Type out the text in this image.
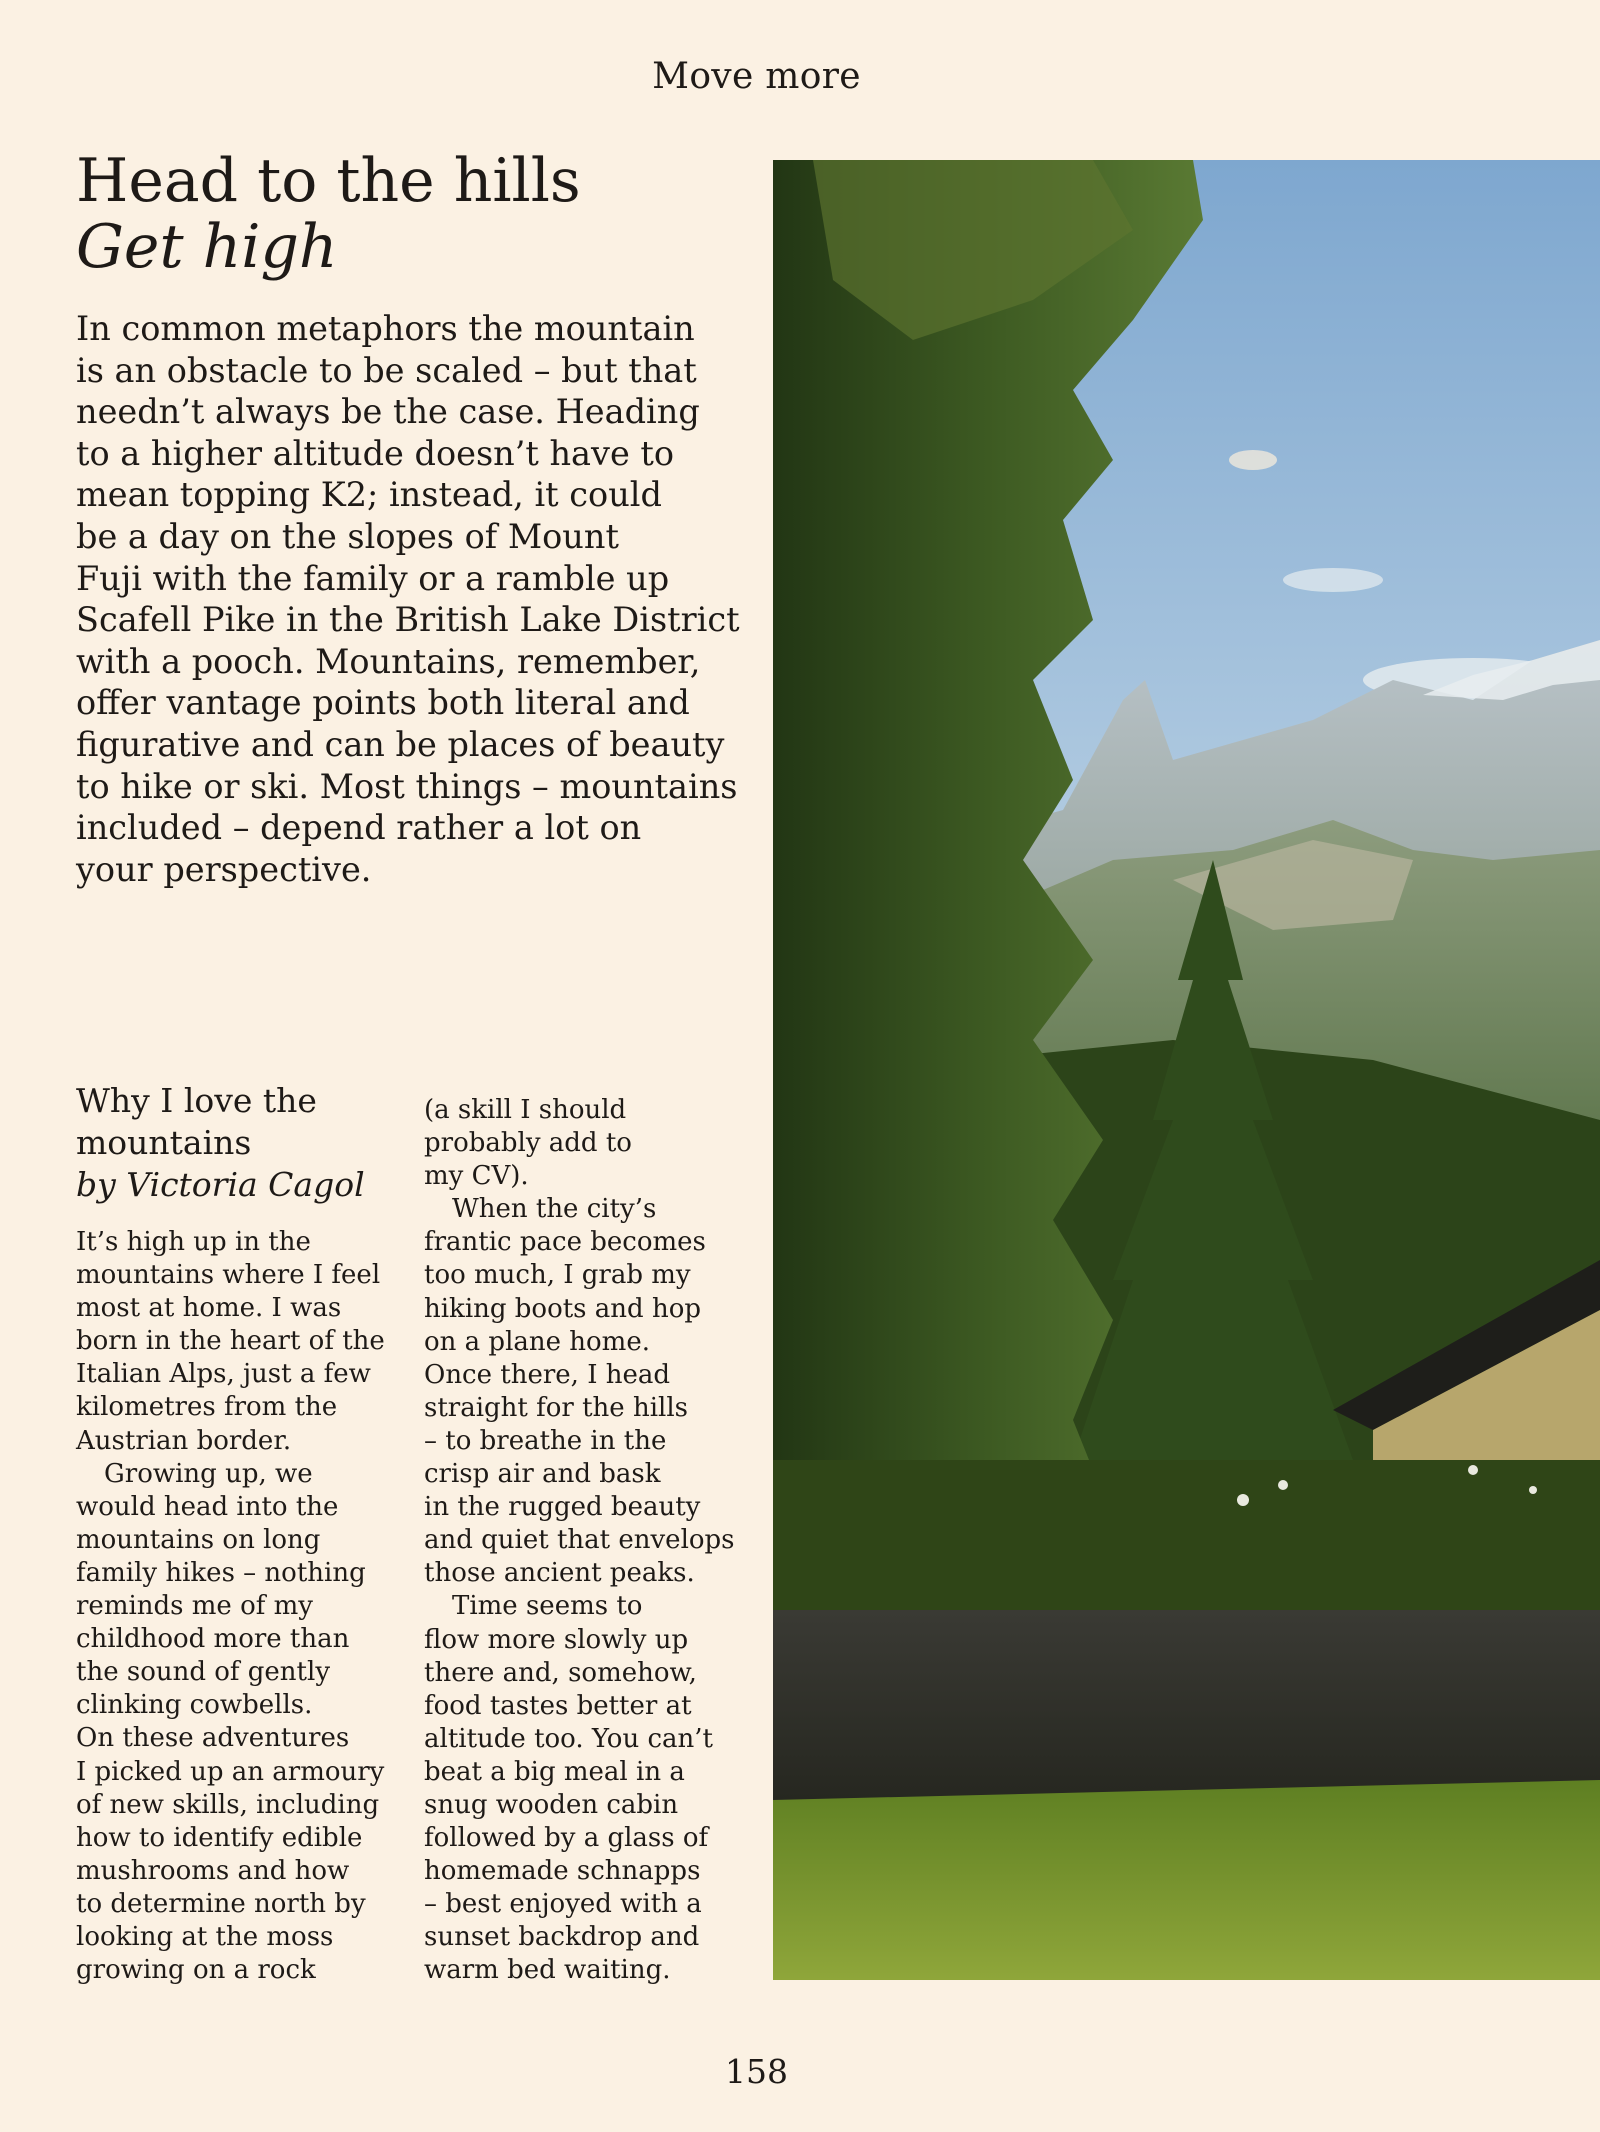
Move more
Head to the hills
Get high

In common metaphors the mountain
is an obstacle to be scaled – but that
needn’t always be the case. Heading
to a higher altitude doesn’t have to
mean topping K2; instead, it could
be a day on the slopes of Mount
Fuji with the family or a ramble up
Scafell Pike in the British Lake District
with a pooch. Mountains, remember,
offer vantage points both literal and
figurative and can be places of beauty
to hike or ski. Most things – mountains
included – depend rather a lot on
your perspective.

Why I love the
mountains
by Victoria Cagol

It’s high up in the
mountains where I feel
most at home. I was
born in the heart of the
Italian Alps, just a few
kilometres from the
Austrian border.
Growing up, we
would head into the
mountains on long
family hikes – nothing
reminds me of my
childhood more than
the sound of gently
clinking cowbells.
On these adventures
I picked up an armoury
of new skills, including
how to identify edible
mushrooms and how
to determine north by
looking at the moss
growing on a rock

(a skill I should
probably add to
my CV).
When the city’s
frantic pace becomes
too much, I grab my
hiking boots and hop
on a plane home.
Once there, I head
straight for the hills
– to breathe in the
crisp air and bask
in the rugged beauty
and quiet that envelops
those ancient peaks.
Time seems to
flow more slowly up
there and, somehow,
food tastes better at
altitude too. You can’t
beat a big meal in a
snug wooden cabin
followed by a glass of
homemade schnapps
– best enjoyed with a
sunset backdrop and
warm bed waiting.

158
